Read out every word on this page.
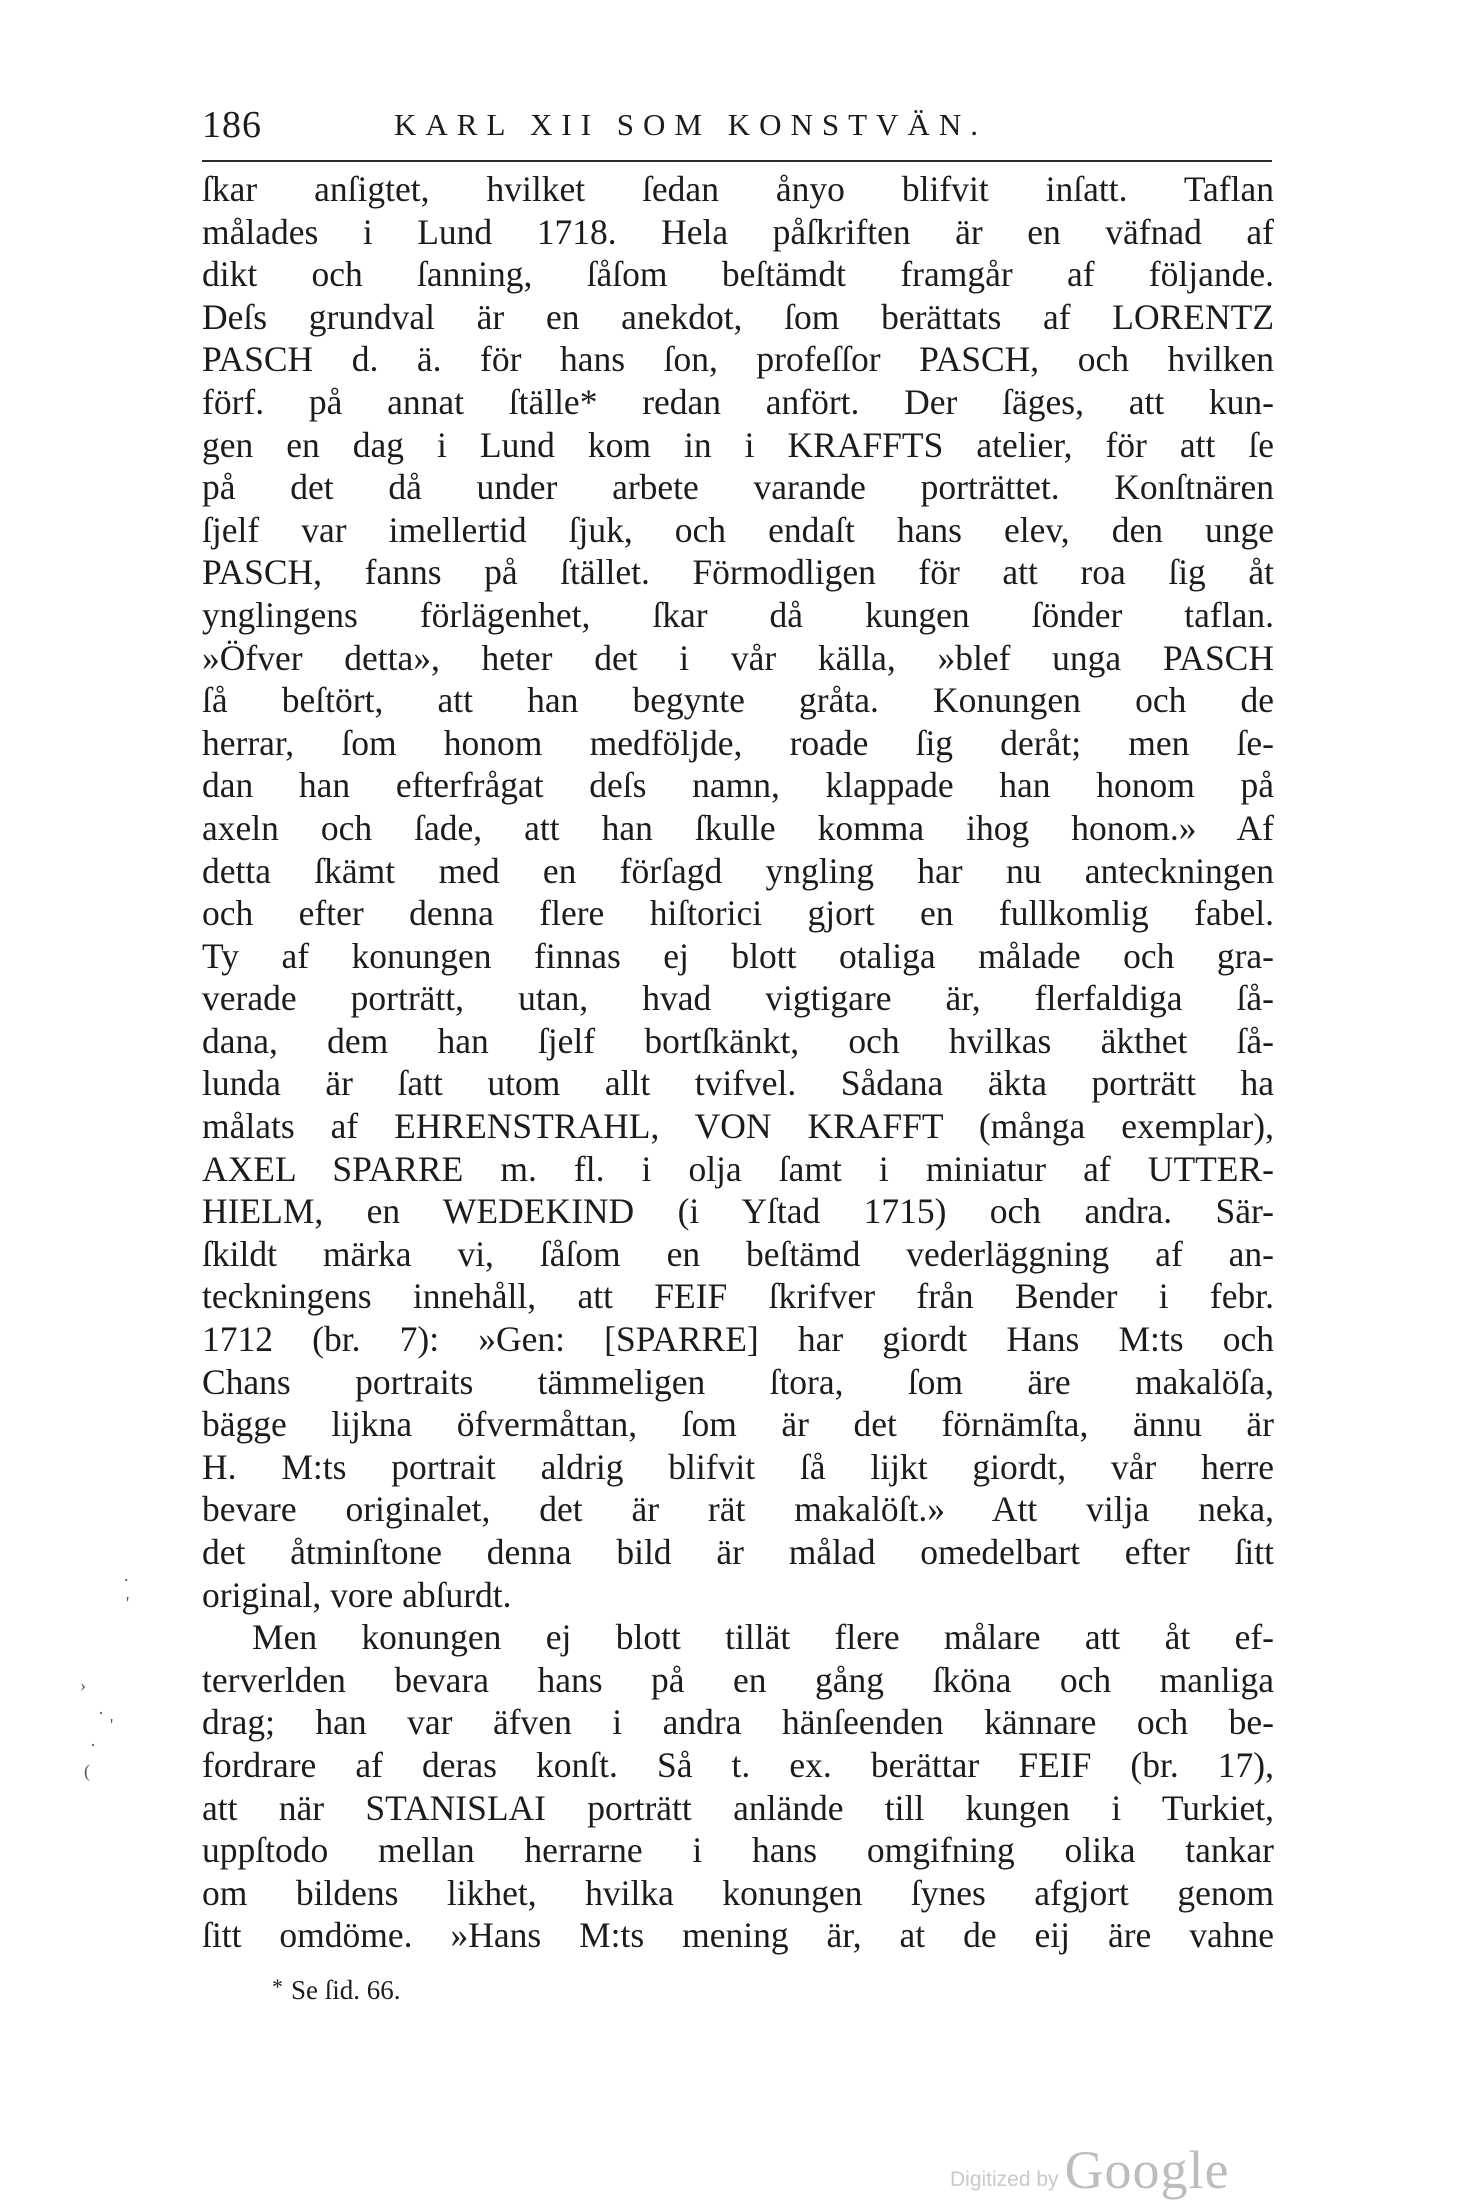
186	KARL XII SOM KONSTVÄN.
ſkar anſigtet, hvilket ſedan ånyo blifvit inſatt. Taflan
målades i Lund 1718. Hela påſkriften är en väfnad af
dikt och ſanning, ſåſom beſtämdt framgår af följande.
Deſs grundval är en anekdot, ſom berättats af LORENTZ
PASCH d. ä. för hans ſon, profeſſor PASCH, och hvilken
förf. på annat ſtälle* redan anfört. Der ſäges, att kun-
gen en dag i Lund kom in i KRAFFTS atelier, för att ſe
på det då under arbete varande porträttet. Konſtnären
ſjelf var imellertid ſjuk, och endaſt hans elev, den unge
PASCH, fanns på ſtället. Förmodligen för att roa ſig åt
ynglingens förlägenhet, ſkar då kungen ſönder taflan.
»Öfver detta», heter det i vår källa, »blef unga PASCH
ſå beſtört, att han begynte gråta. Konungen och de
herrar, ſom honom medföljde, roade ſig deråt; men ſe-
dan han efterfrågat deſs namn, klappade han honom på
axeln och ſade, att han ſkulle komma ihog honom.» Af
detta ſkämt med en förſagd yngling har nu anteckningen
och efter denna flere hiſtorici gjort en fullkomlig fabel.
Ty af konungen finnas ej blott otaliga målade och gra-
verade porträtt, utan, hvad vigtigare är, flerfaldiga ſå-
dana, dem han ſjelf bortſkänkt, och hvilkas äkthet ſå-
lunda är ſatt utom allt tvifvel. Sådana äkta porträtt ha
målats af EHRENSTRAHL, VON KRAFFT (många exemplar),
AXEL SPARRE m. fl. i olja ſamt i miniatur af UTTER-
HIELM, en WEDEKIND (i Yſtad 1715) och andra. Sär-
ſkildt märka vi, ſåſom en beſtämd vederläggning af an-
teckningens innehåll, att FEIF ſkrifver från Bender i febr.
1712 (br. 7): »Gen: [SPARRE] har giordt Hans M:ts och
Chans portraits tämmeligen ſtora, ſom äre makalöſa,
bägge lijkna öfvermåttan, ſom är det förnämſta, ännu är
H. M:ts portrait aldrig blifvit ſå lijkt giordt, vår herre
bevare originalet, det är rät makalöſt.» Att vilja neka,
det åtminſtone denna bild är målad omedelbart efter ſitt
original, vore abſurdt.
Men konungen ej blott tillät flere målare att åt ef-
terverlden bevara hans på en gång ſköna och manliga
drag; han var äfven i andra hänſeenden kännare och be-
fordrare af deras konſt. Så t. ex. berättar FEIF (br. 17),
att när STANISLAI porträtt anlände till kungen i Turkiet,
uppſtodo mellan herrarne i hans omgifning olika tankar
om bildens likhet, hvilka konungen ſynes afgjort genom
ſitt omdöme. »Hans M:ts mening är, at de eij äre vahne
* Se ſid. 66.
.
'
›
·
'
·
(
Digitized by Google
